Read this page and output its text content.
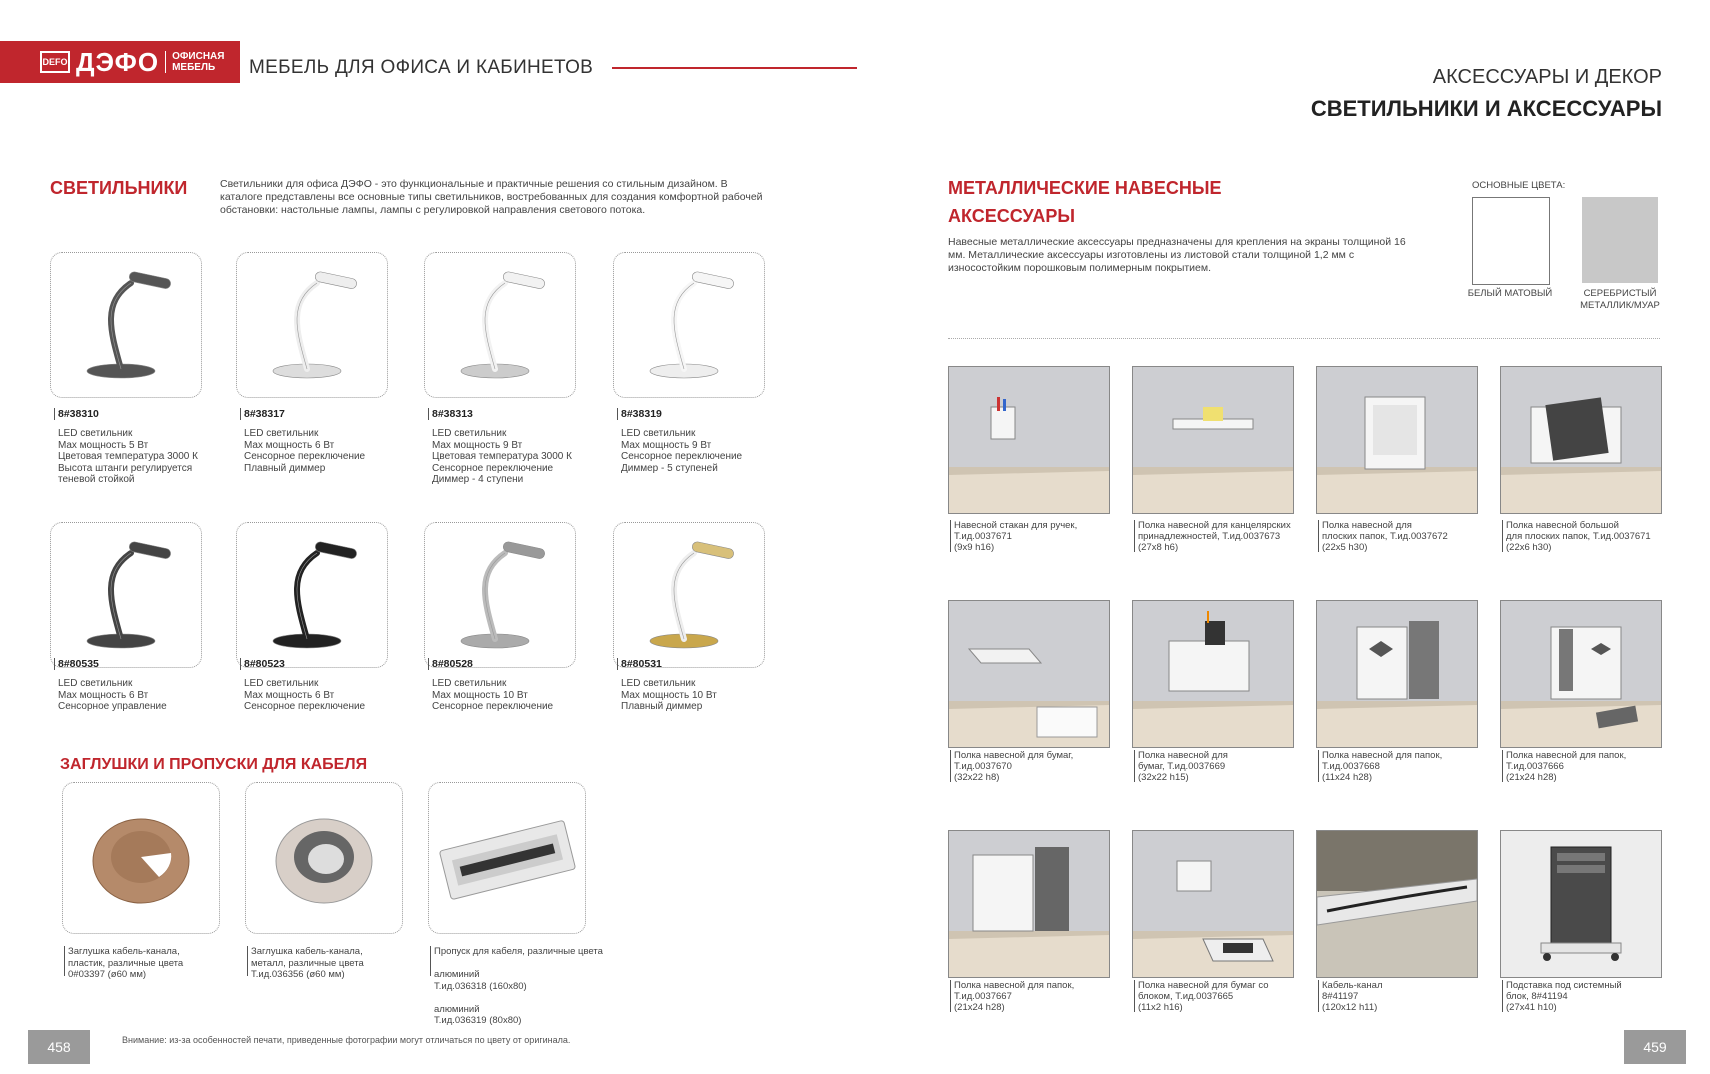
DEFO ДЭФО ОФИСНАЯ
МЕБЕЛЬ	МЕБЕЛЬ ДЛЯ ОФИСА И КАБИНЕТОВ	АКСЕССУАРЫ И ДЕКОР
СВЕТИЛЬНИКИ И АКСЕССУАРЫ
СВЕТИЛЬНИКИ	Светильники для офиса ДЭФО - это функциональные и практичные решения со стильным дизайном. В каталоге представлены все основные типы светильников, востребованных для создания комфортной рабочей обстановки: настольные лампы, лампы с регулировкой направления светового потока.
8#38310
LED светильник
Max мощность 5 Вт
Цветовая температура 3000 К
Высота штанги регулируется
теневой стойкой
8#38317
LED светильник
Max мощность 6 Вт
Сенсорное переключение
Плавный диммер
8#38313
LED светильник
Max мощность 9 Вт
Цветовая температура 3000 К
Сенсорное переключение
Диммер - 4 ступени
8#38319
LED светильник
Max мощность 9 Вт
Сенсорное переключение
Диммер - 5 ступеней
8#80535
LED светильник
Max мощность 6 Вт
Сенсорное управление
8#80523
LED светильник
Max мощность 6 Вт
Сенсорное переключение
8#80528
LED светильник
Max мощность 10 Вт
Сенсорное переключение
8#80531
LED светильник
Max мощность 10 Вт
Плавный диммер
ЗАГЛУШКИ И ПРОПУСКИ ДЛЯ КАБЕЛЯ
Заглушка кабель-канала,
пластик, различные цвета
0#03397 (ø60 мм)
Заглушка кабель-канала,
металл, различные цвета
Т.ид.036356 (ø60 мм)
Пропуск для кабеля, различные цвета

алюминий
Т.ид.036318 (160х80)

алюминий
Т.ид.036319 (80х80)
МЕТАЛЛИЧЕСКИЕ НАВЕСНЫЕ
АКСЕССУАРЫ
Навесные металлические аксессуары предназначены для крепления на экраны толщиной 16 мм. Металлические аксессуары изготовлены из листовой стали толщиной 1,2 мм с износостойким порошковым полимерным покрытием.
ОСНОВНЫЕ ЦВЕТА:
БЕЛЫЙ МАТОВЫЙ	СЕРЕБРИСТЫЙ
МЕТАЛЛИК/МУАР
Навесной стакан для ручек,
Т.ид.0037671
(9х9 h16)
Полка навесной для канцелярских
принадлежностей, Т.ид.0037673
(27х8 h6)
Полка навесной для
плоских папок, Т.ид.0037672
(22х5 h30)
Полка навесной большой
для плоских папок, Т.ид.0037671
(22х6 h30)
Полка навесной для бумаг,
Т.ид.0037670
(32х22 h8)
Полка навесной для
бумаг, Т.ид.0037669
(32х22 h15)
Полка навесной для папок,
Т.ид.0037668
(11х24 h28)
Полка навесной для папок,
Т.ид.0037666
(21х24 h28)
Полка навесной для папок,
Т.ид.0037667
(21х24 h28)
Полка навесной для бумаг со
блоком, Т.ид.0037665
(11х2 h16)
Кабель-канал
8#41197
(120х12 h11)
Подставка под системный
блок, 8#41194
(27х41 h10)
458	Внимание: из-за особенностей печати, приведенные фотографии могут отличаться по цвету от оригинала.	459
